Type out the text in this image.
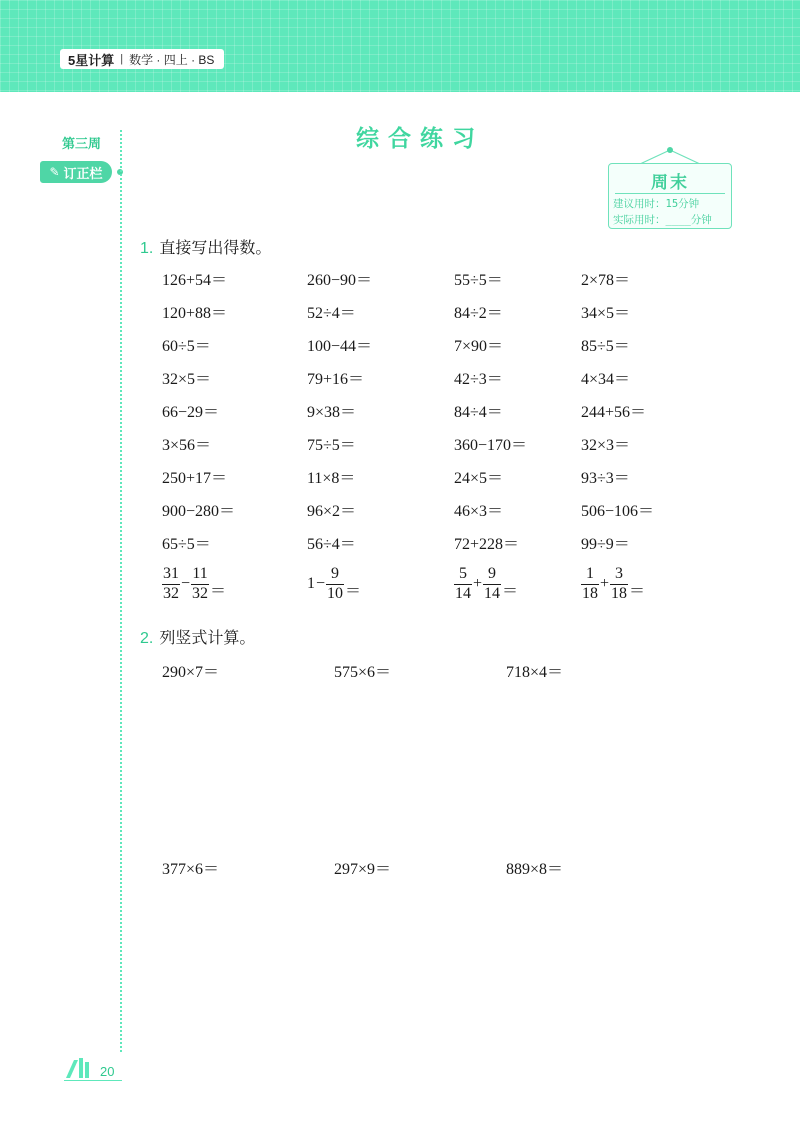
5星计算 | 数学 · 四上 · BS
第三周
✎ 订正栏
综合练习
周末
建议用时：15分钟
实际用时：____分钟
1. 直接写出得数。
126+54＝	260−90＝	55÷5＝	2×78＝
120+88＝	52÷4＝	84÷2＝	34×5＝
60÷5＝	100−44＝	7×90＝	85÷5＝
32×5＝	79+16＝	42÷3＝	4×34＝
66−29＝	9×38＝	84÷4＝	244+56＝
3×56＝	75÷5＝	360−170＝	32×3＝
250+17＝	11×8＝	24×5＝	93÷3＝
900−280＝	96×2＝	46×3＝	506−106＝
65÷5＝	56÷4＝	72+228＝	99÷9＝
$\frac{31}{32} - \frac{11}{32}$ ＝	$1 - \frac{9}{10}$ ＝	$\frac{5}{14} + \frac{9}{14}$ ＝	$\frac{1}{18} + \frac{3}{18}$ ＝
2. 列竖式计算。
290×7＝	575×6＝	718×4＝
377×6＝	297×9＝	889×8＝
20
